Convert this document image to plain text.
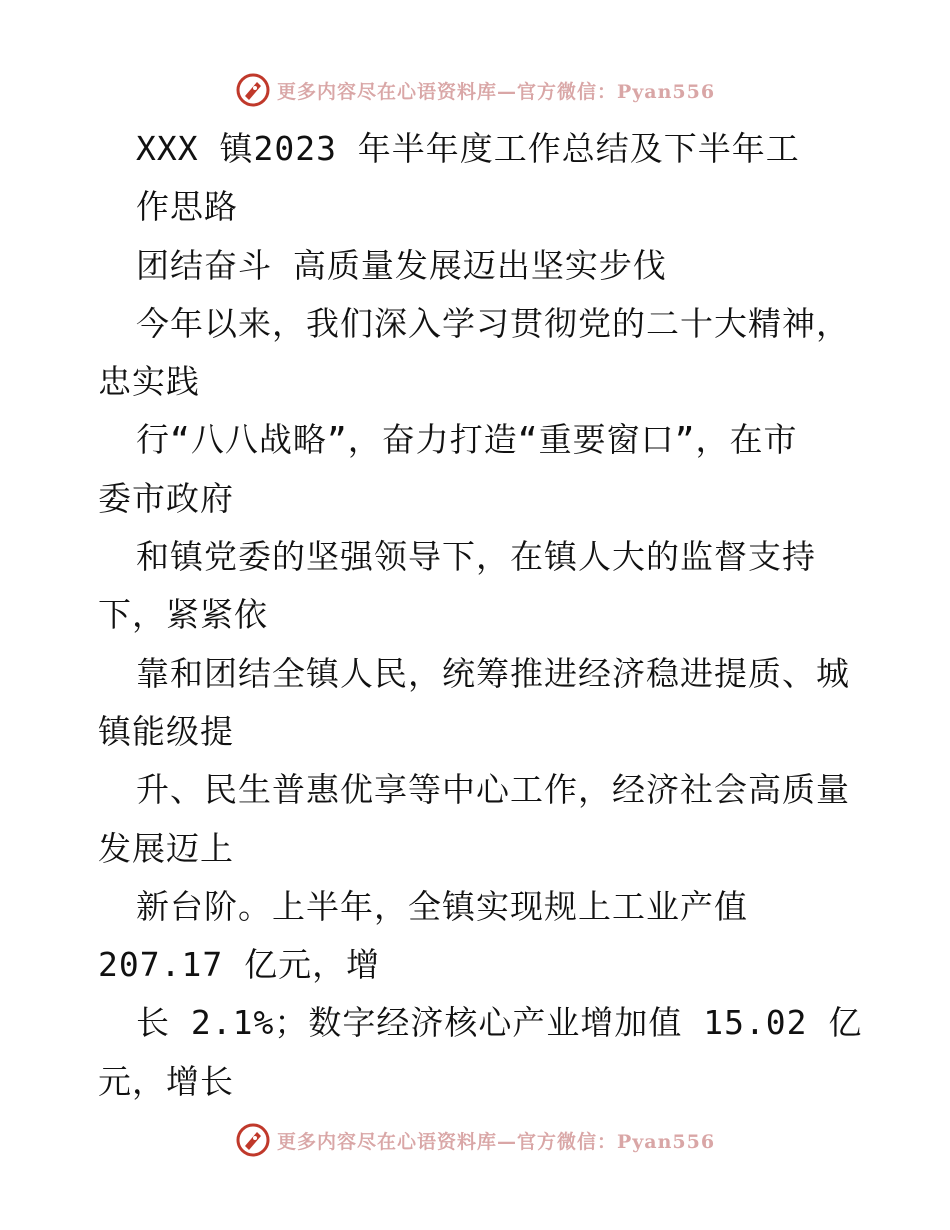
更多内容尽在心语资料库—官方微信：Pyan556
XXX 镇2023 年半年度工作总结及下半年工
作思路
团结奋斗 高质量发展迈出坚实步伐
今年以来，我们深入学习贯彻党的二十大精神，
忠实践
行“八八战略”，奋力打造“重要窗口”，在市
委市政府
和镇党委的坚强领导下，在镇人大的监督支持
下，紧紧依
靠和团结全镇人民，统筹推进经济稳进提质、城
镇能级提
升、民生普惠优享等中心工作，经济社会高质量
发展迈上
新台阶。上半年，全镇实现规上工业产值
207.17 亿元，增
长 2.1%；数字经济核心产业增加值 15.02 亿
元，增长
更多内容尽在心语资料库—官方微信：Pyan556
